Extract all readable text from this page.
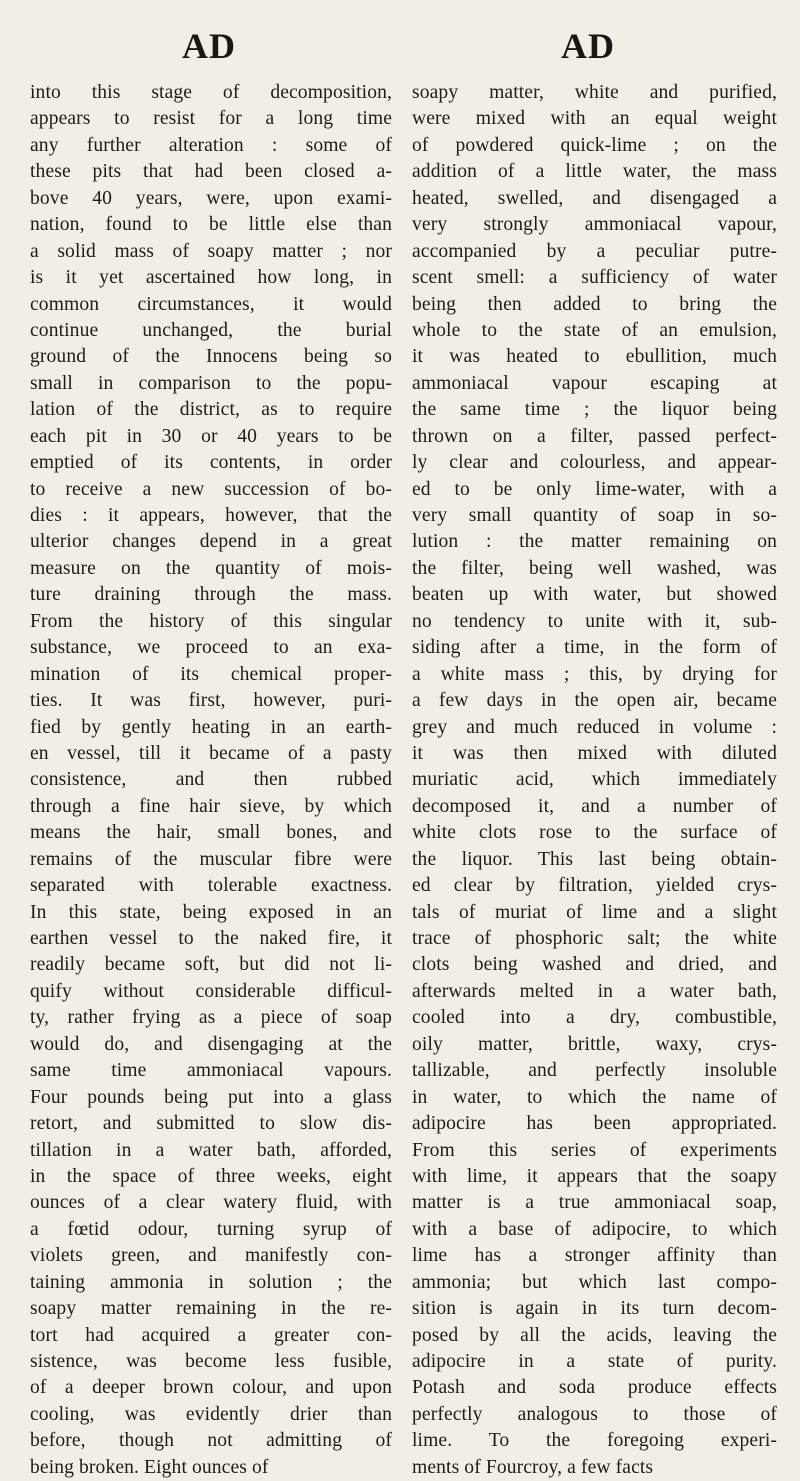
AD	AD
into this stage of decomposition,
appears to resist for a long time
any further alteration : some of
these pits that had been closed a-
bove 40 years, were, upon exami-
nation, found to be little else than
a solid mass of soapy matter ; nor
is it yet ascertained how long, in
common circumstances, it would
continue unchanged, the burial
ground of the Innocens being so
small in comparison to the popu-
lation of the district, as to require
each pit in 30 or 40 years to be
emptied of its contents, in order
to receive a new succession of bo-
dies : it appears, however, that the
ulterior changes depend in a great
measure on the quantity of mois-
ture draining through the mass.
From the history of this singular
substance, we proceed to an exa-
mination of its chemical proper-
ties. It was first, however, puri-
fied by gently heating in an earth-
en vessel, till it became of a pasty
consistence, and then rubbed
through a fine hair sieve, by which
means the hair, small bones, and
remains of the muscular fibre were
separated with tolerable exactness.
In this state, being exposed in an
earthen vessel to the naked fire, it
readily became soft, but did not li-
quify without considerable difficul-
ty, rather frying as a piece of soap
would do, and disengaging at the
same time ammoniacal vapours.
Four pounds being put into a glass
retort, and submitted to slow dis-
tillation in a water bath, afforded,
in the space of three weeks, eight
ounces of a clear watery fluid, with
a fœtid odour, turning syrup of
violets green, and manifestly con-
taining ammonia in solution ; the
soapy matter remaining in the re-
tort had acquired a greater con-
sistence, was become less fusible,
of a deeper brown colour, and upon
cooling, was evidently drier than
before, though not admitting of
being broken. Eight ounces of
soapy matter, white and purified,
were mixed with an equal weight
of powdered quick-lime ; on the
addition of a little water, the mass
heated, swelled, and disengaged a
very strongly ammoniacal vapour,
accompanied by a peculiar putre-
scent smell: a sufficiency of water
being then added to bring the
whole to the state of an emulsion,
it was heated to ebullition, much
ammoniacal vapour escaping at
the same time ; the liquor being
thrown on a filter, passed perfect-
ly clear and colourless, and appear-
ed to be only lime-water, with a
very small quantity of soap in so-
lution : the matter remaining on
the filter, being well washed, was
beaten up with water, but showed
no tendency to unite with it, sub-
siding after a time, in the form of
a white mass ; this, by drying for
a few days in the open air, became
grey and much reduced in volume :
it was then mixed with diluted
muriatic acid, which immediately
decomposed it, and a number of
white clots rose to the surface of
the liquor. This last being obtain-
ed clear by filtration, yielded crys-
tals of muriat of lime and a slight
trace of phosphoric salt; the white
clots being washed and dried, and
afterwards melted in a water bath,
cooled into a dry, combustible,
oily matter, brittle, waxy, crys-
tallizable, and perfectly insoluble
in water, to which the name of
adipocire has been appropriated.
From this series of experiments
with lime, it appears that the soapy
matter is a true ammoniacal soap,
with a base of adipocire, to which
lime has a stronger affinity than
ammonia; but which last compo-
sition is again in its turn decom-
posed by all the acids, leaving the
adipocire in a state of purity.
Potash and soda produce effects
perfectly analogous to those of
lime. To the foregoing experi-
ments of Fourcroy, a few facts
